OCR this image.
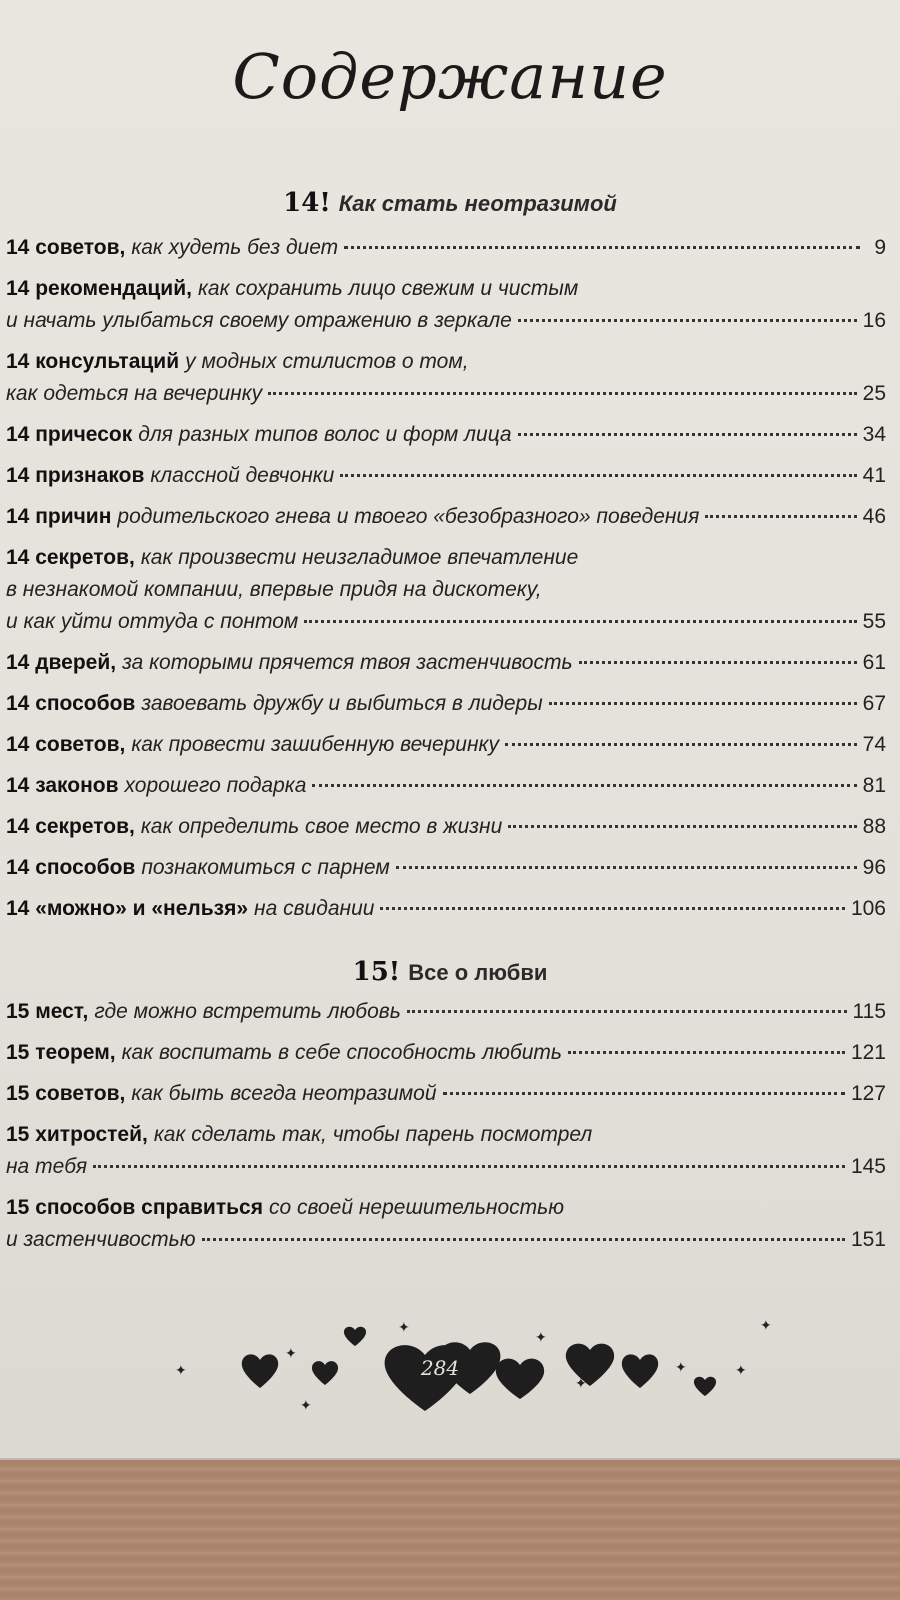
Содержание
14! Как стать неотразимой
14 советов, как худеть без диет	9
14 рекомендаций, как сохранить лицо свежим и чистым
и начать улыбаться своему отражению в зеркале	16
14 консультаций у модных стилистов о том,
как одеться на вечеринку	25
14 причесок для разных типов волос и форм лица	34
14 признаков классной девчонки	41
14 причин родительского гнева и твоего «безобразного» поведения	46
14 секретов, как произвести неизгладимое впечатление
в незнакомой компании, впервые придя на дискотеку,
и как уйти оттуда с понтом	55
14 дверей, за которыми прячется твоя застенчивость	61
14 способов завоевать дружбу и выбиться в лидеры	67
14 советов, как провести зашибенную вечеринку	74
14 законов хорошего подарка	81
14 секретов, как определить свое место в жизни	88
14 способов познакомиться с парнем	96
14 «можно» и «нельзя» на свидании	106
15! Все о любви
15 мест, где можно встретить любовь	115
15 теорем, как воспитать в себе способность любить	121
15 советов, как быть всегда неотразимой	127
15 хитростей, как сделать так, чтобы парень посмотрел
на тебя	145
15 способов справиться со своей нерешительностью
и застенчивостью	151
✦
✦
✦
✦
✦
✦	✦
✦
✦
284
